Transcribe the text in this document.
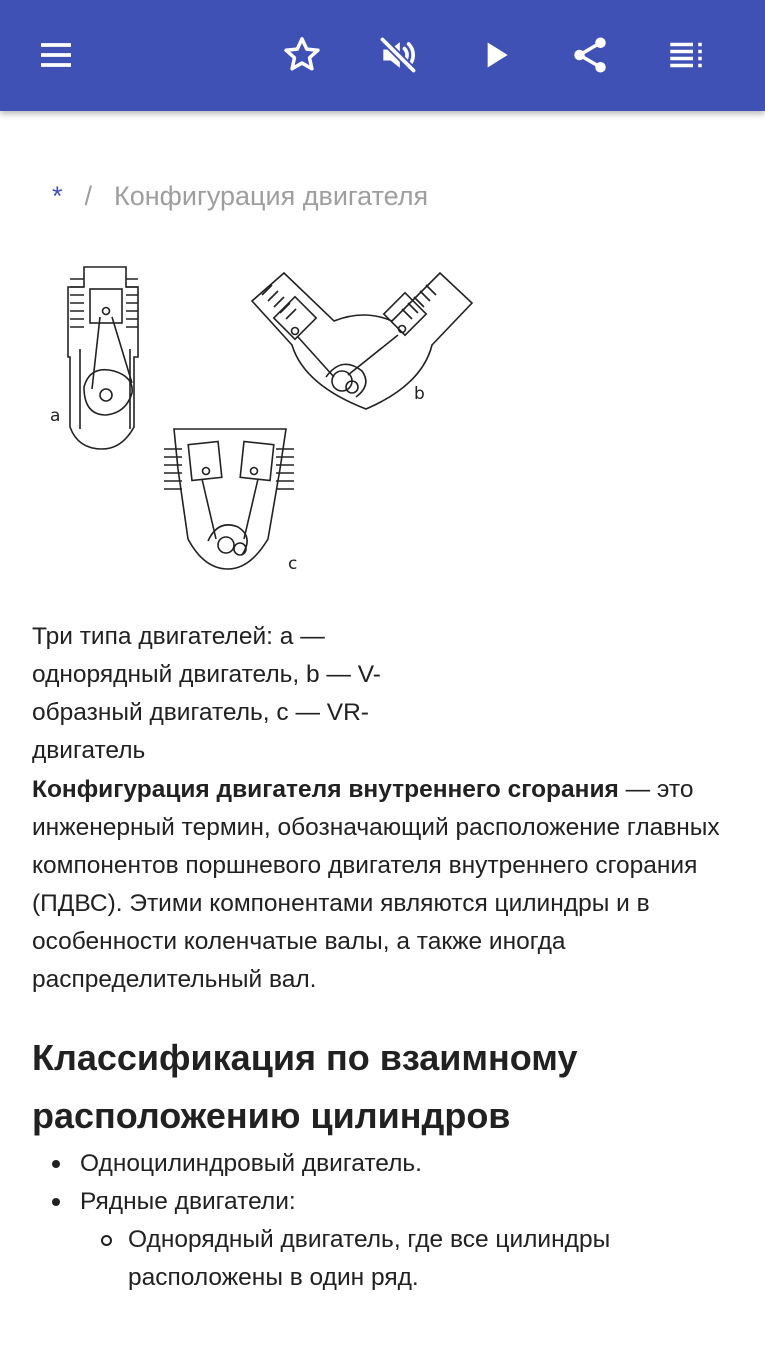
* / Конфигурация двигателя
a
b
c
Три типа двигателей: a — однорядный двигатель, b — V-образный двигатель, c — VR-двигатель
Конфигурация двигателя внутреннего сгорания — это инженерный термин, обозначающий расположение главных компонентов поршневого двигателя внутреннего сгорания (ПДВС). Этими компонентами являются цилиндры и в особенности коленчатые валы, а также иногда распределительный вал.
Классификация по взаимному расположению цилиндров
Одноцилиндровый двигатель.
Рядные двигатели:
Однорядный двигатель, где все цилиндры расположены в один ряд.
